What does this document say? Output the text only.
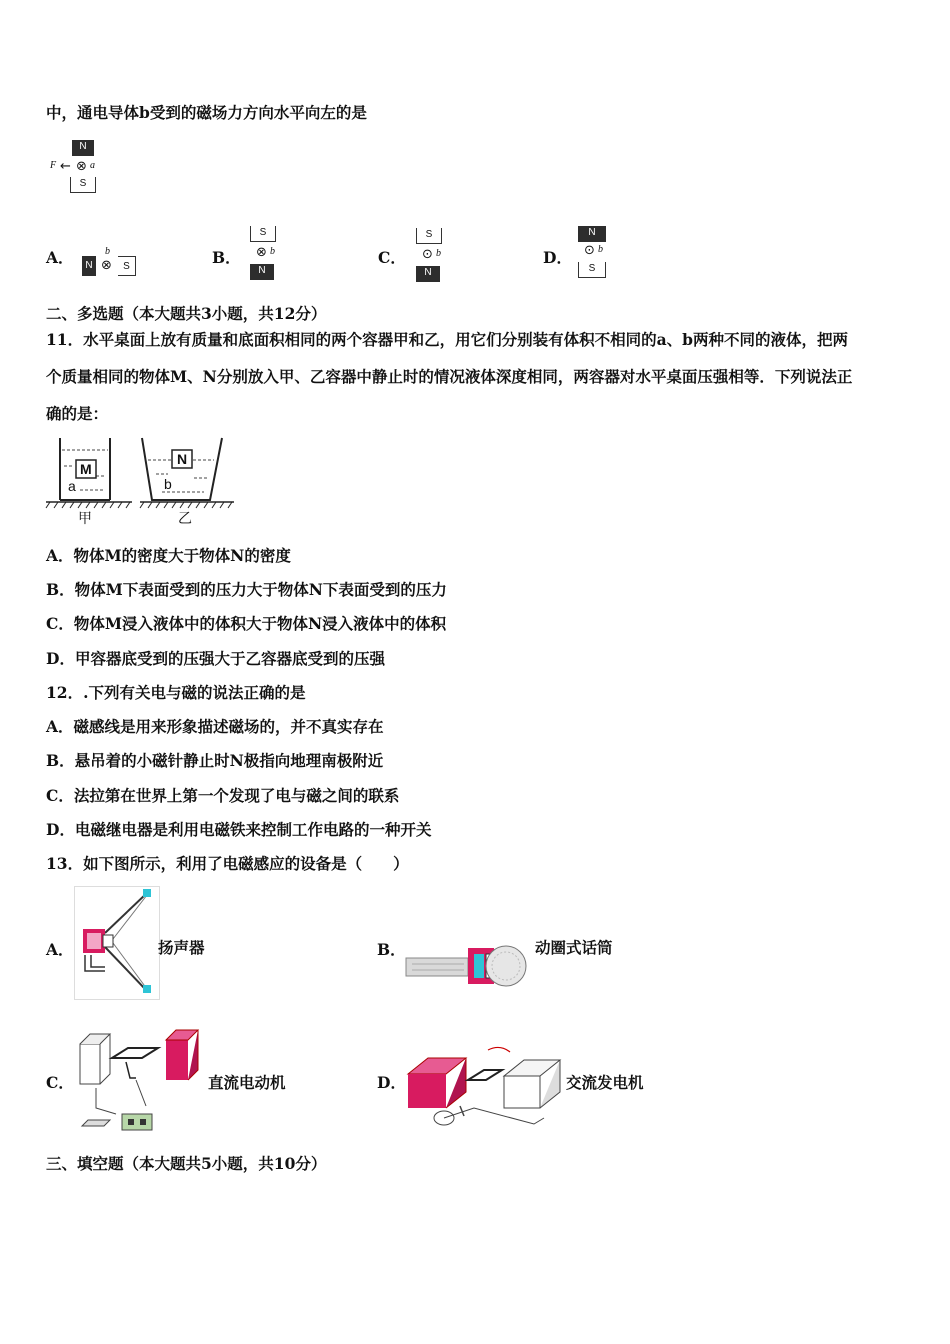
中，通电导体b受到的磁场力方向水平向左的是
N
F ← ⊗ a
S
A．	N
b
⊗	S	B．
S
⊗ b
N
C．
S
⊙ b
N
D．
N
⊙ b
S
二、多选题（本大题共3小题，共12分）
11．水平桌面上放有质量和底面积相同的两个容器甲和乙，用它们分别装有体积不相同的a、b两种不同的液体，把两
个质量相同的物体M、N分别放入甲、乙容器中静止时的情况液体深度相同，两容器对水平桌面压强相等．下列说法正
确的是：
M
a
甲
N
b
乙
A．物体M的密度大于物体N的密度
B．物体M下表面受到的压力大于物体N下表面受到的压力
C．物体M浸入液体中的体积大于物体N浸入液体中的体积
D．甲容器底受到的压强大于乙容器底受到的压强
12．.下列有关电与磁的说法正确的是
A．磁感线是用来形象描述磁场的，并不真实存在
B．悬吊着的小磁针静止时N极指向地理南极附近
C．法拉第在世界上第一个发现了电与磁之间的联系
D．电磁继电器是利用电磁铁来控制工作电路的一种开关
13．如下图所示，利用了电磁感应的设备是（　　）
A．	扬声器	B．	动圈式话筒
C．	直流电动机	D．	交流发电机
三、填空题（本大题共5小题，共10分）
